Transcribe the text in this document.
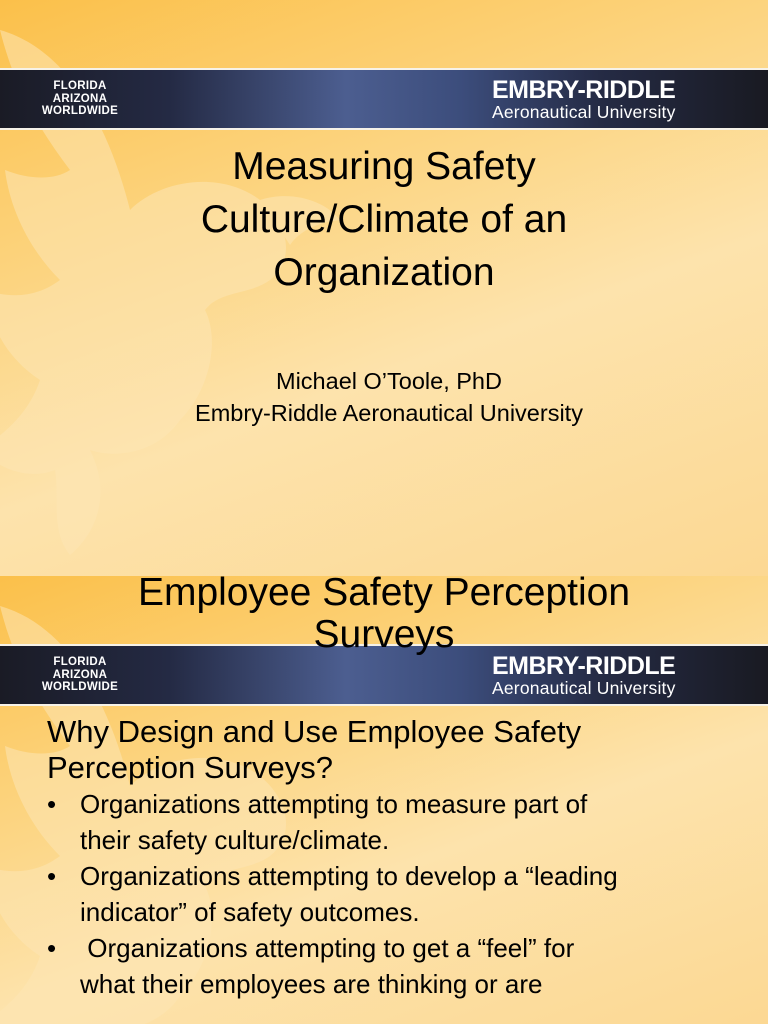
FLORIDA
ARIZONA
WORLDWIDE
EMBRY-RIDDLE
Aeronautical University
Measuring Safety
Culture/Climate of an
Organization
Michael O’Toole, PhD
Embry-Riddle Aeronautical University
FLORIDA
ARIZONA
WORLDWIDE
EMBRY-RIDDLE
Aeronautical University
Employee Safety Perception
Surveys
Why Design and Use Employee Safety
Perception Surveys?
• Organizations attempting to measure part of
their safety culture/climate.
• Organizations attempting to develop a “leading
indicator” of safety outcomes.
• Organizations attempting to get a “feel” for
what their employees are thinking or are
